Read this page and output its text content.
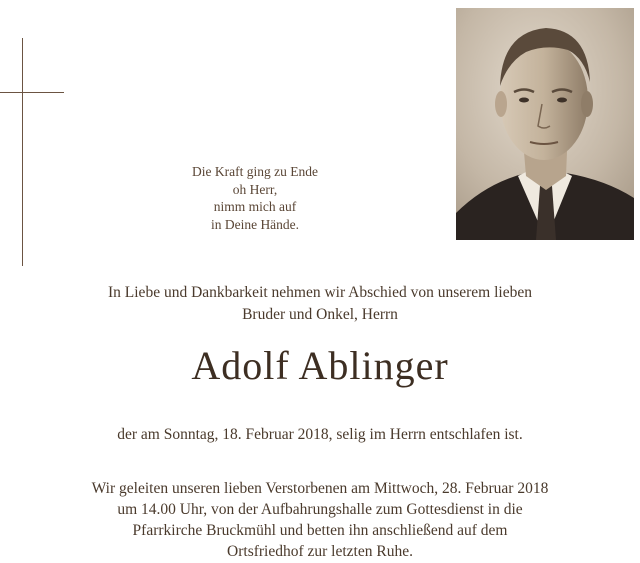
Die Kraft ging zu Ende
oh Herr,
nimm mich auf
in Deine Hände.
In Liebe und Dankbarkeit nehmen wir Abschied von unserem lieben
Bruder und Onkel, Herrn
Adolf Ablinger
der am Sonntag, 18. Februar 2018, selig im Herrn entschlafen ist.
Wir geleiten unseren lieben Verstorbenen am Mittwoch, 28. Februar 2018
um 14.00 Uhr, von der Aufbahrungshalle zum Gottesdienst in die
Pfarrkirche Bruckmühl und betten ihn anschließend auf dem
Ortsfriedhof zur letzten Ruhe.
